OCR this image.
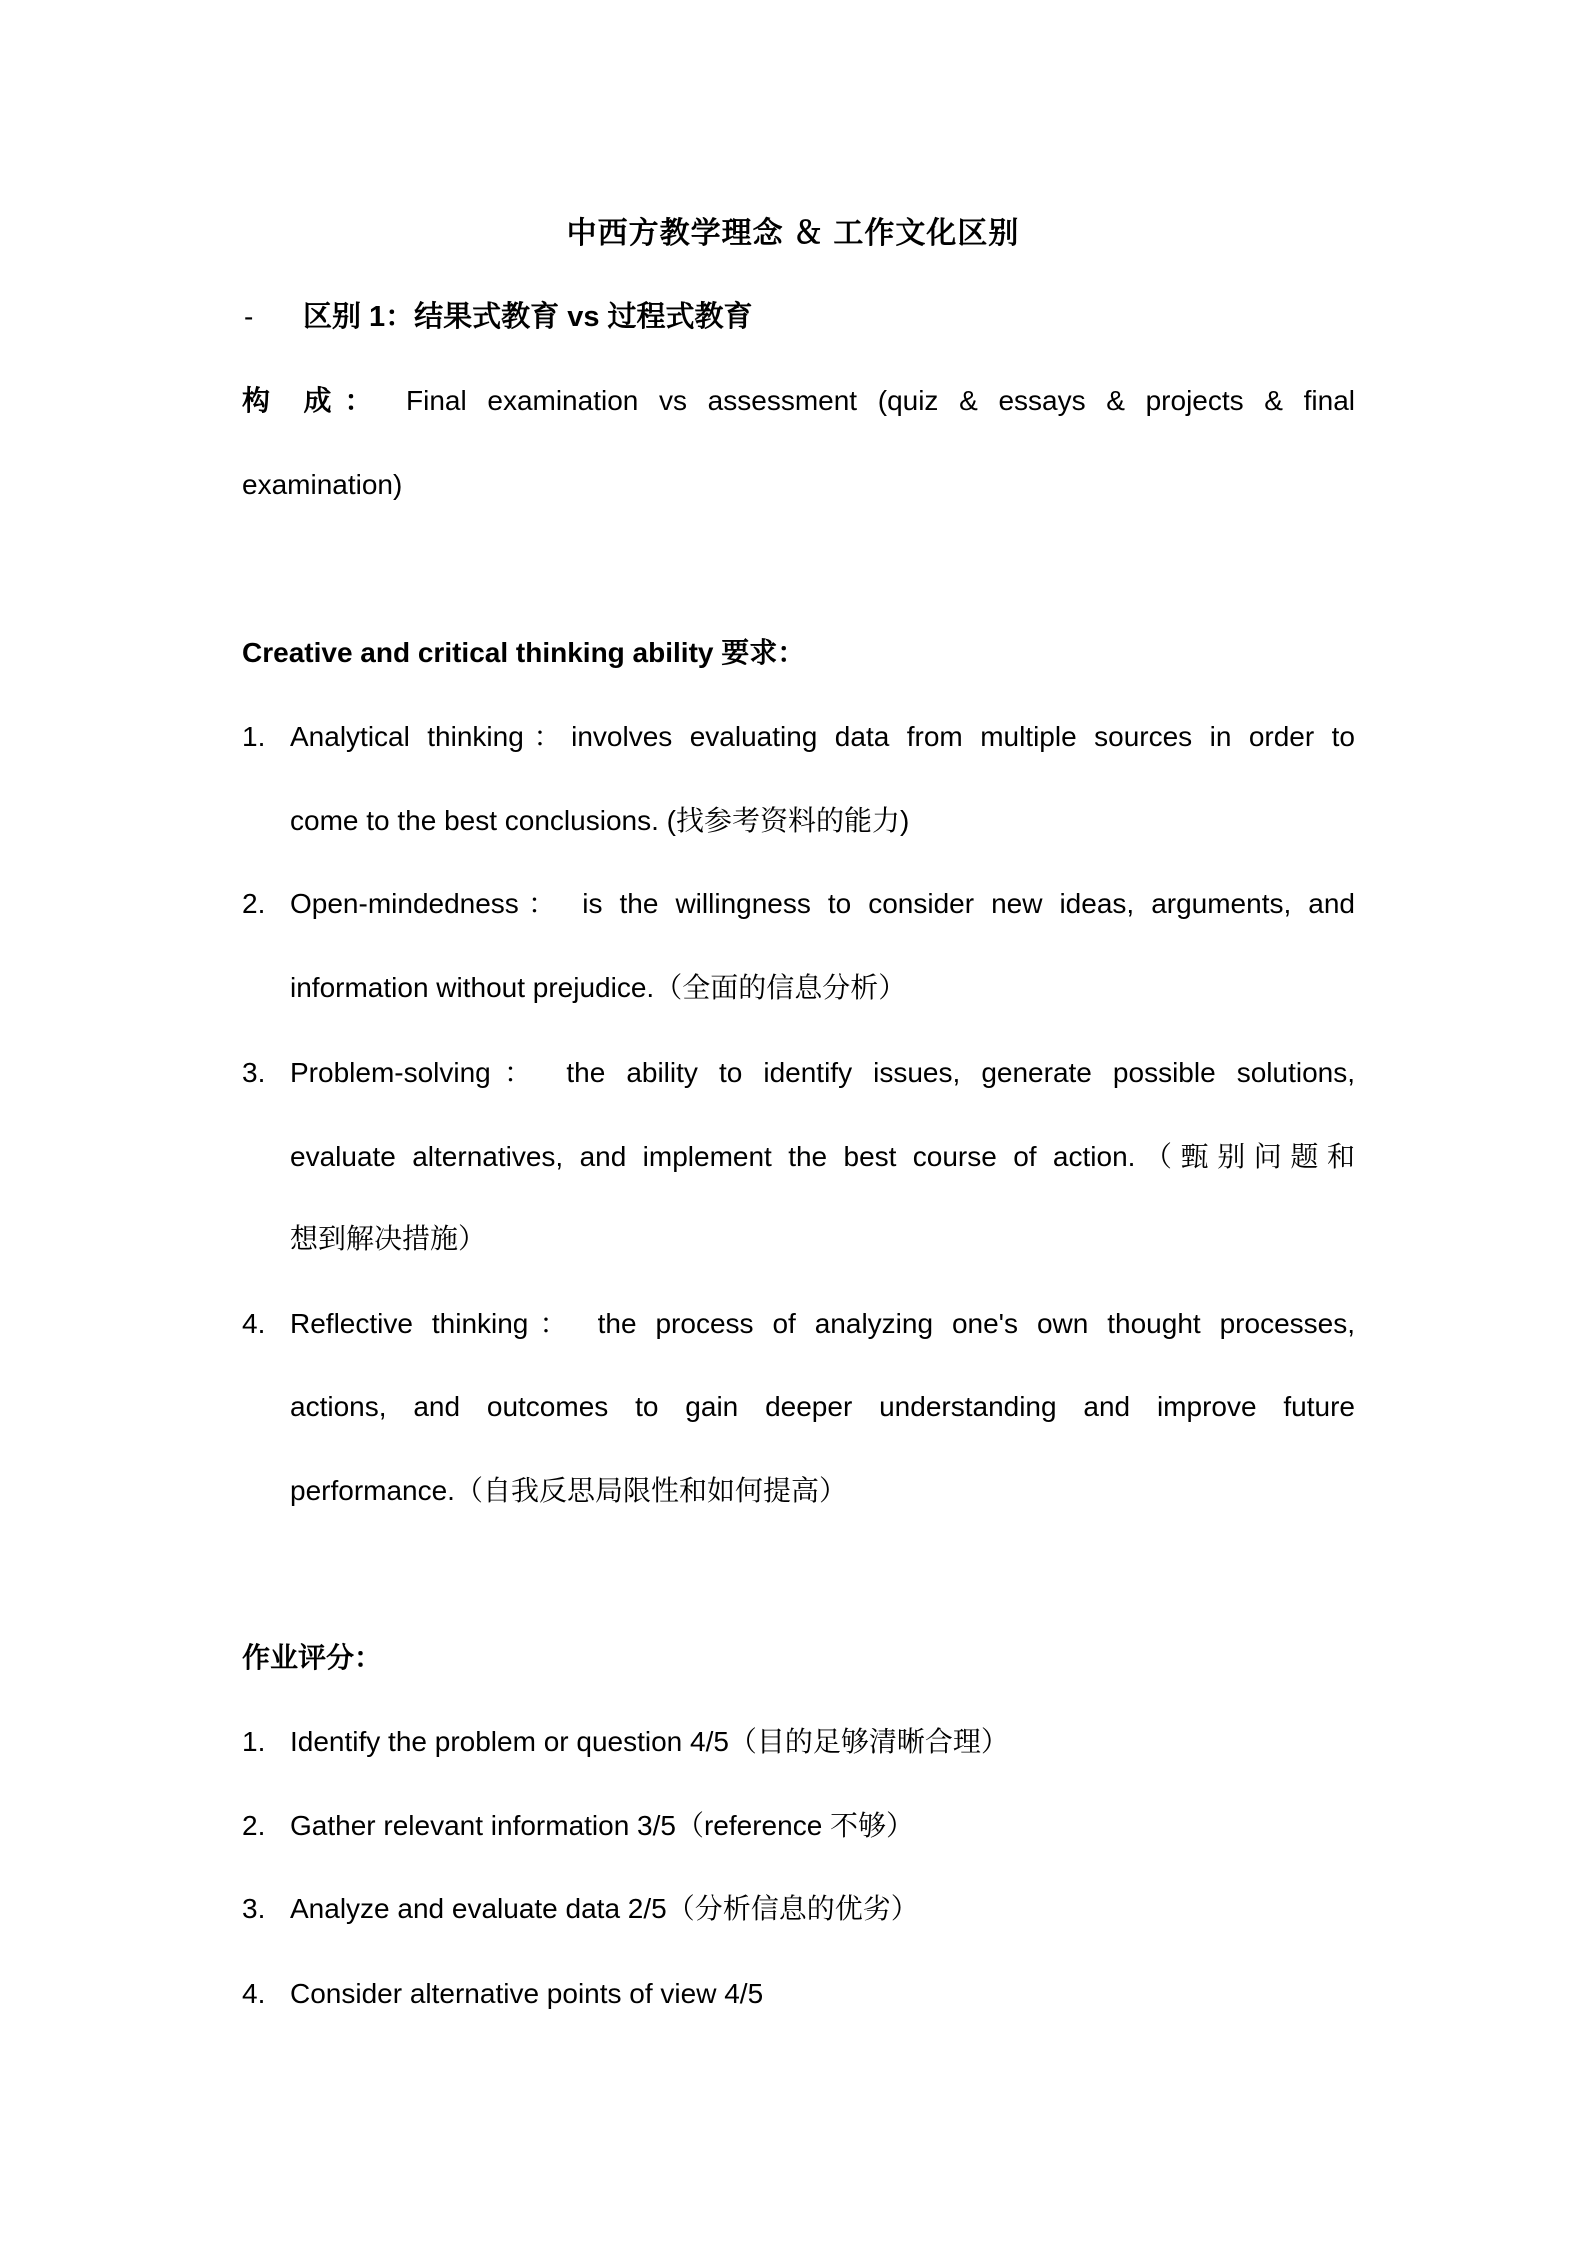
中西方教学理念 ＆ 工作文化区别
- 区别 1：结果式教育 vs 过程式教育
构 成： Final examination vs assessment (quiz & essays & projects & final
examination)
Creative and critical thinking ability 要求：
1. Analytical thinking：involves evaluating data from multiple sources in order to
come to the best conclusions. (找参考资料的能力)
2. Open-mindedness： is the willingness to consider new ideas, arguments, and
information without prejudice.（全面的信息分析）
3. Problem-solving： the ability to identify issues, generate possible solutions,
evaluate alternatives, and implement the best course of action.（甄别问题和
想到解决措施）
4. Reflective thinking： the process of analyzing one's own thought processes,
actions, and outcomes to gain deeper understanding and improve future
performance.（自我反思局限性和如何提高）
作业评分：
1. Identify the problem or question 4/5（目的足够清晰合理）
2. Gather relevant information 3/5（reference 不够）
3. Analyze and evaluate data 2/5（分析信息的优劣）
4. Consider alternative points of view 4/5
